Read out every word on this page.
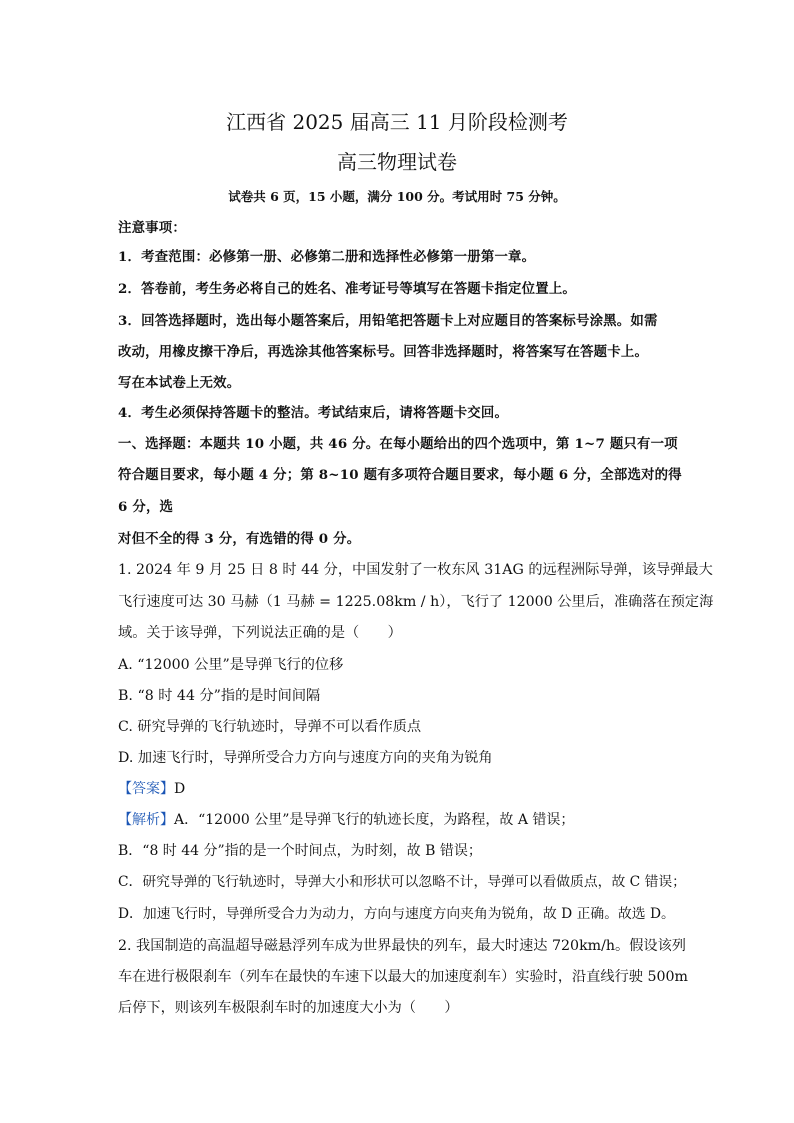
江西省 2025 届高三 11 月阶段检测考
高三物理试卷
试卷共 6 页，15 小题，满分 100 分。考试用时 75 分钟。
注意事项：
1．考查范围：必修第一册、必修第二册和选择性必修第一册第一章。
2．答卷前，考生务必将自己的姓名、准考证号等填写在答题卡指定位置上。
3．回答选择题时，选出每小题答案后，用铅笔把答题卡上对应题目的答案标号涂黑。如需
改动，用橡皮擦干净后，再选涂其他答案标号。回答非选择题时，将答案写在答题卡上。
写在本试卷上无效。
4．考生必须保持答题卡的整洁。考试结束后，请将答题卡交回。
一、选择题：本题共 10 小题，共 46 分。在每小题给出的四个选项中，第 1~7 题只有一项
符合题目要求，每小题 4 分；第 8~10 题有多项符合题目要求，每小题 6 分，全部选对的得
6 分，选
对但不全的得 3 分，有选错的得 0 分。
1. 2024 年 9 月 25 日 8 时 44 分，中国发射了一枚东风 31AG 的远程洲际导弹，该导弹最大
飞行速度可达 30 马赫（1 马赫 = 1225.08km / h），飞行了 12000 公里后，准确落在预定海
域。关于该导弹，下列说法正确的是（　　）
A. “12000 公里”是导弹飞行的位移
B. “8 时 44 分”指的是时间间隔
C. 研究导弹的飞行轨迹时，导弹不可以看作质点
D. 加速飞行时，导弹所受合力方向与速度方向的夹角为锐角
【答案】D
【解析】A．“12000 公里”是导弹飞行的轨迹长度，为路程，故 A 错误；
B．“8 时 44 分”指的是一个时间点，为时刻，故 B 错误；
C．研究导弹的飞行轨迹时，导弹大小和形状可以忽略不计，导弹可以看做质点，故 C 错误；
D．加速飞行时，导弹所受合力为动力，方向与速度方向夹角为锐角，故 D 正确。故选 D。
2. 我国制造的高温超导磁悬浮列车成为世界最快的列车，最大时速达 720km/h。假设该列
车在进行极限刹车（列车在最快的车速下以最大的加速度刹车）实验时，沿直线行驶 500m
后停下，则该列车极限刹车时的加速度大小为（　　）
